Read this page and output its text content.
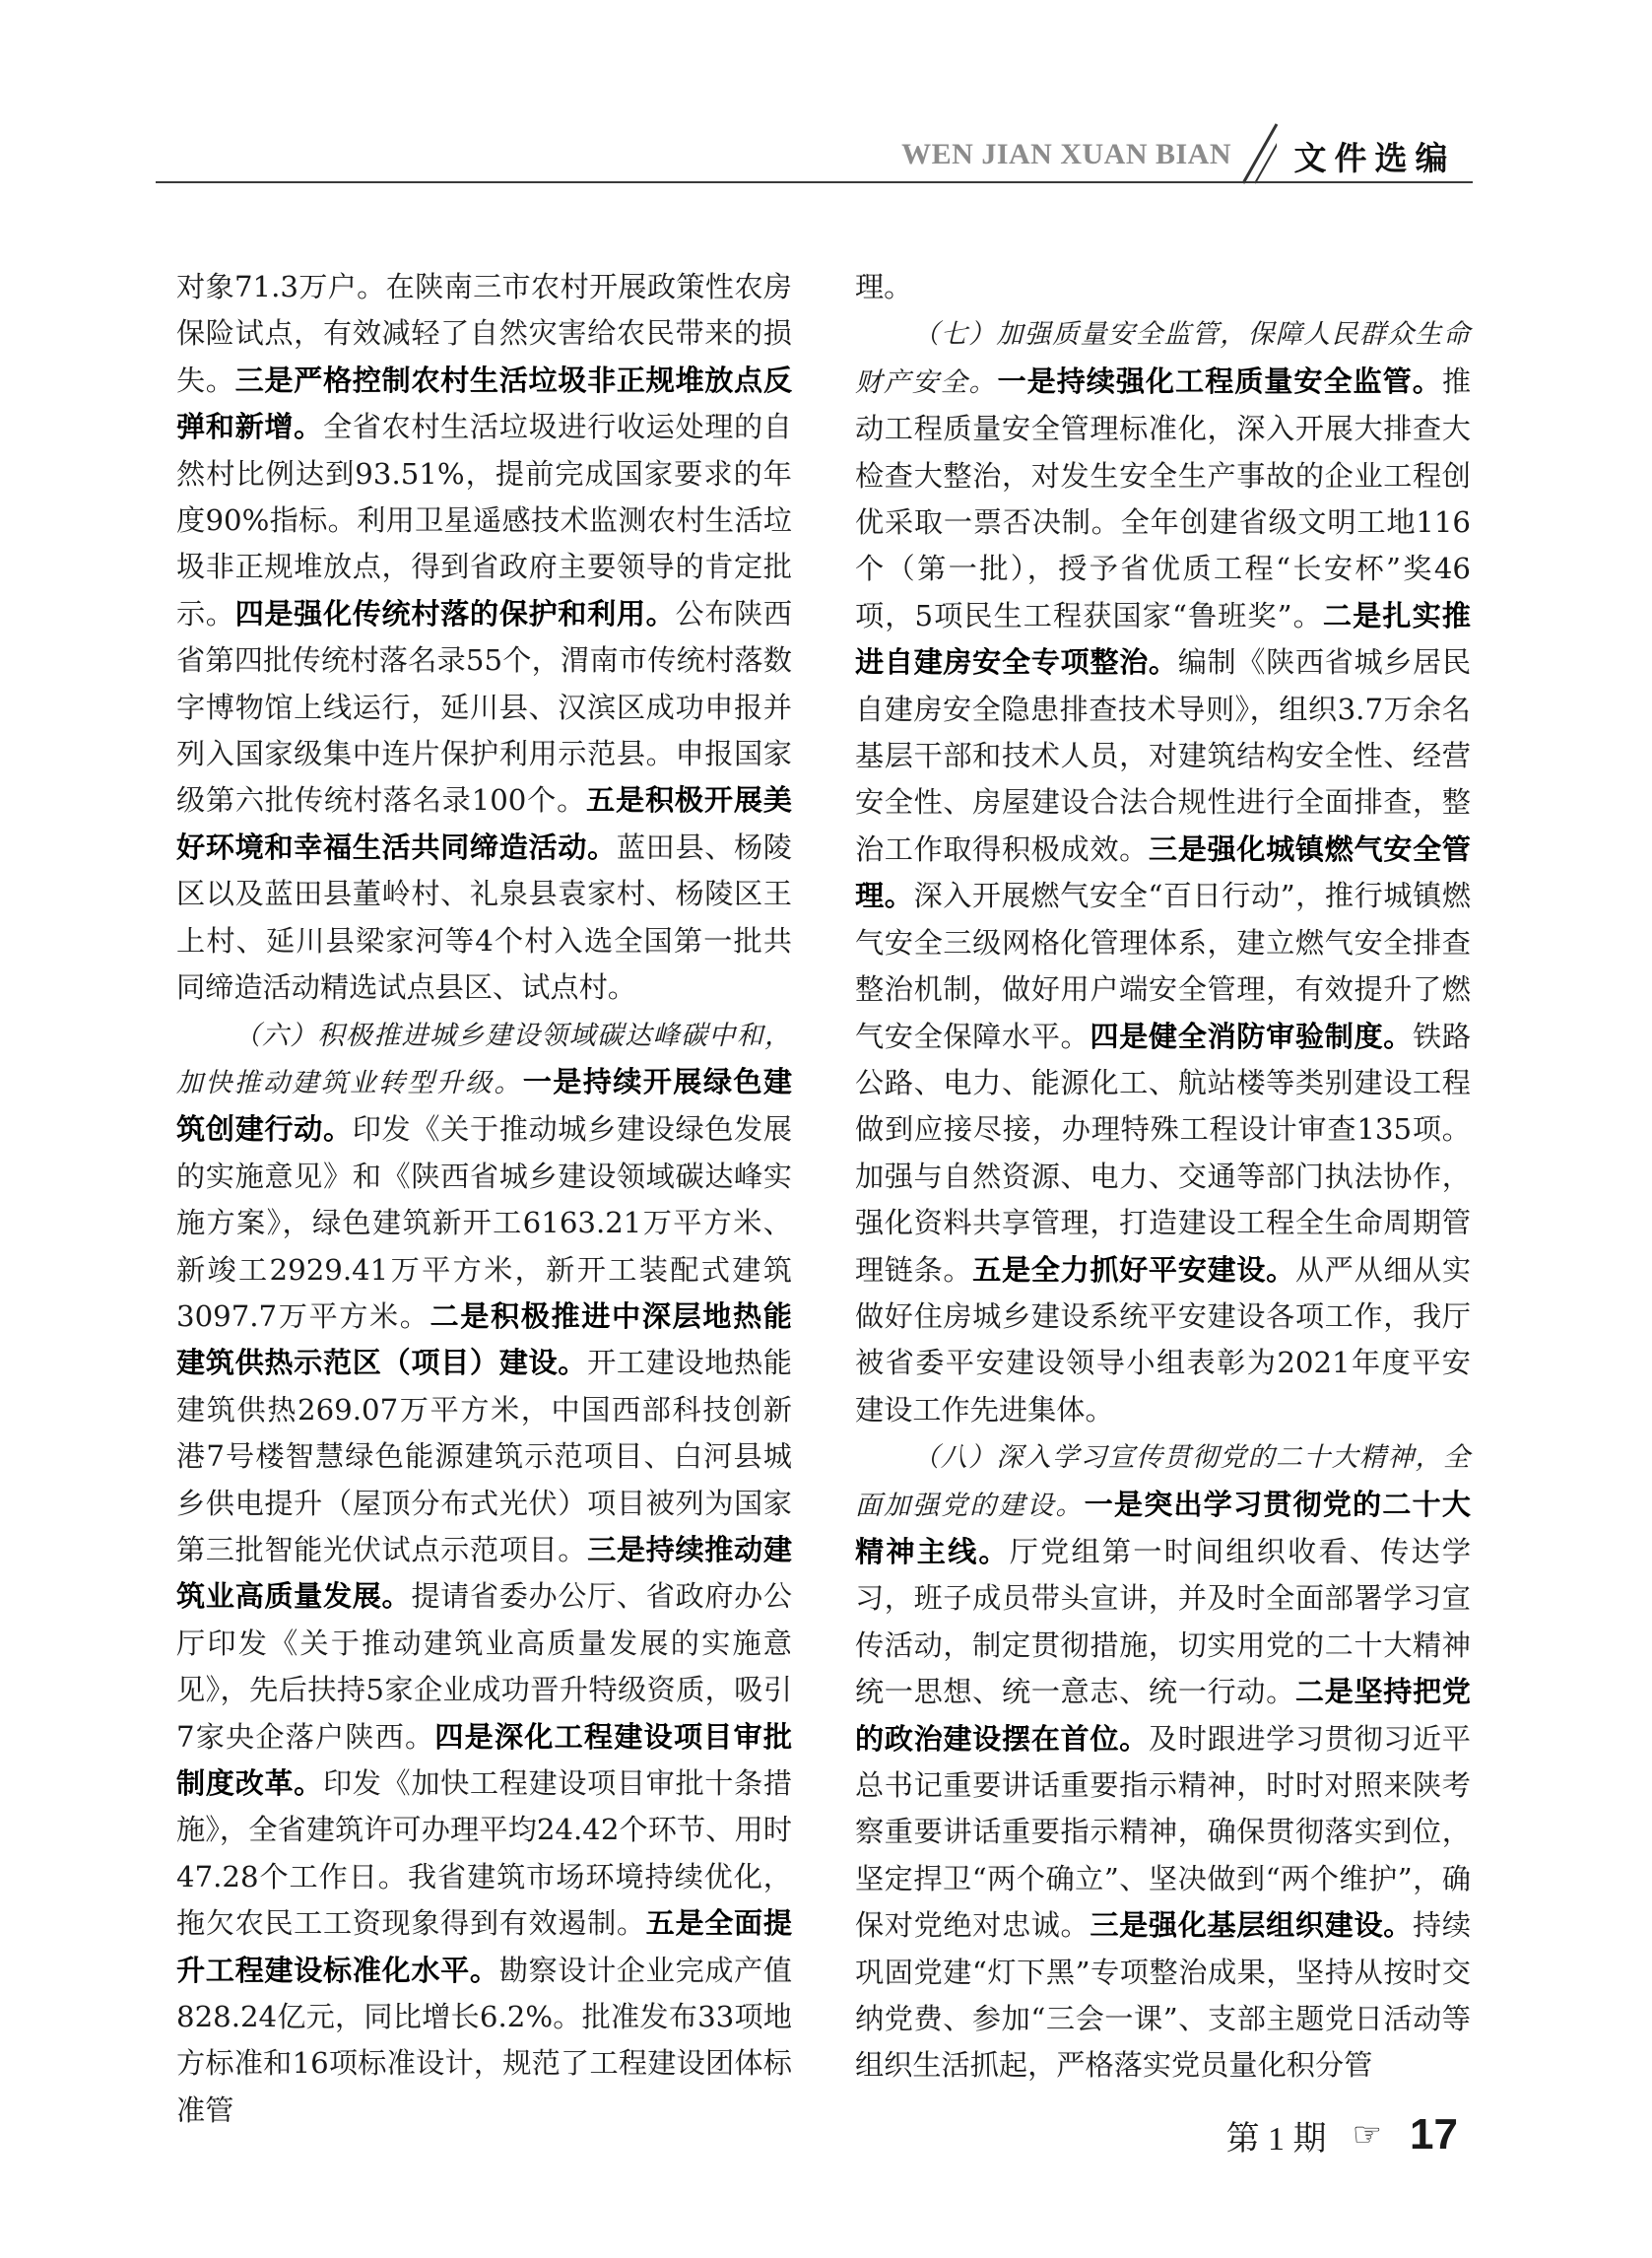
WEN JIAN XUAN BIAN 文件选编

对象71.3万户。在陕南三市农村开展政策性农房保险试点，有效减轻了自然灾害给农民带来的损失。三是严格控制农村生活垃圾非正规堆放点反弹和新增。全省农村生活垃圾进行收运处理的自然村比例达到93.51%，提前完成国家要求的年度90%指标。利用卫星遥感技术监测农村生活垃圾非正规堆放点，得到省政府主要领导的肯定批示。四是强化传统村落的保护和利用。公布陕西省第四批传统村落名录55个，渭南市传统村落数字博物馆上线运行，延川县、汉滨区成功申报并列入国家级集中连片保护利用示范县。申报国家级第六批传统村落名录100个。五是积极开展美好环境和幸福生活共同缔造活动。蓝田县、杨陵区以及蓝田县董岭村、礼泉县袁家村、杨陵区王上村、延川县梁家河等4个村入选全国第一批共同缔造活动精选试点县区、试点村。

（六）积极推进城乡建设领域碳达峰碳中和，加快推动建筑业转型升级。一是持续开展绿色建筑创建行动。印发《关于推动城乡建设绿色发展的实施意见》和《陕西省城乡建设领域碳达峰实施方案》，绿色建筑新开工6163.21万平方米、新竣工2929.41万平方米，新开工装配式建筑3097.7万平方米。二是积极推进中深层地热能建筑供热示范区（项目）建设。开工建设地热能建筑供热269.07万平方米，中国西部科技创新港7号楼智慧绿色能源建筑示范项目、白河县城乡供电提升（屋顶分布式光伏）项目被列为国家第三批智能光伏试点示范项目。三是持续推动建筑业高质量发展。提请省委办公厅、省政府办公厅印发《关于推动建筑业高质量发展的实施意见》，先后扶持5家企业成功晋升特级资质，吸引7家央企落户陕西。四是深化工程建设项目审批制度改革。印发《加快工程建设项目审批十条措施》，全省建筑许可办理平均24.42个环节、用时47.28个工作日。我省建筑市场环境持续优化，拖欠农民工工资现象得到有效遏制。五是全面提升工程建设标准化水平。勘察设计企业完成产值828.24亿元，同比增长6.2%。批准发布33项地方标准和16项标准设计，规范了工程建设团体标准管

理。

（七）加强质量安全监管，保障人民群众生命财产安全。一是持续强化工程质量安全监管。推动工程质量安全管理标准化，深入开展大排查大检查大整治，对发生安全生产事故的企业工程创优采取一票否决制。全年创建省级文明工地116个（第一批），授予省优质工程“长安杯”奖46项，5项民生工程获国家“鲁班奖”。二是扎实推进自建房安全专项整治。编制《陕西省城乡居民自建房安全隐患排查技术导则》，组织3.7万余名基层干部和技术人员，对建筑结构安全性、经营安全性、房屋建设合法合规性进行全面排查，整治工作取得积极成效。三是强化城镇燃气安全管理。深入开展燃气安全“百日行动”，推行城镇燃气安全三级网格化管理体系，建立燃气安全排查整治机制，做好用户端安全管理，有效提升了燃气安全保障水平。四是健全消防审验制度。铁路公路、电力、能源化工、航站楼等类别建设工程做到应接尽接，办理特殊工程设计审查135项。加强与自然资源、电力、交通等部门执法协作，强化资料共享管理，打造建设工程全生命周期管理链条。五是全力抓好平安建设。从严从细从实做好住房城乡建设系统平安建设各项工作，我厅被省委平安建设领导小组表彰为2021年度平安建设工作先进集体。

（八）深入学习宣传贯彻党的二十大精神，全面加强党的建设。一是突出学习贯彻党的二十大精神主线。厅党组第一时间组织收看、传达学习，班子成员带头宣讲，并及时全面部署学习宣传活动，制定贯彻措施，切实用党的二十大精神统一思想、统一意志、统一行动。二是坚持把党的政治建设摆在首位。及时跟进学习贯彻习近平总书记重要讲话重要指示精神，时时对照来陕考察重要讲话重要指示精神，确保贯彻落实到位，坚定捍卫“两个确立”、坚决做到“两个维护”，确保对党绝对忠诚。三是强化基层组织建设。持续巩固党建“灯下黑”专项整治成果，坚持从按时交纳党费、参加“三会一课”、支部主题党日活动等组织生活抓起，严格落实党员量化积分管

第 1 期 ☞ 17
